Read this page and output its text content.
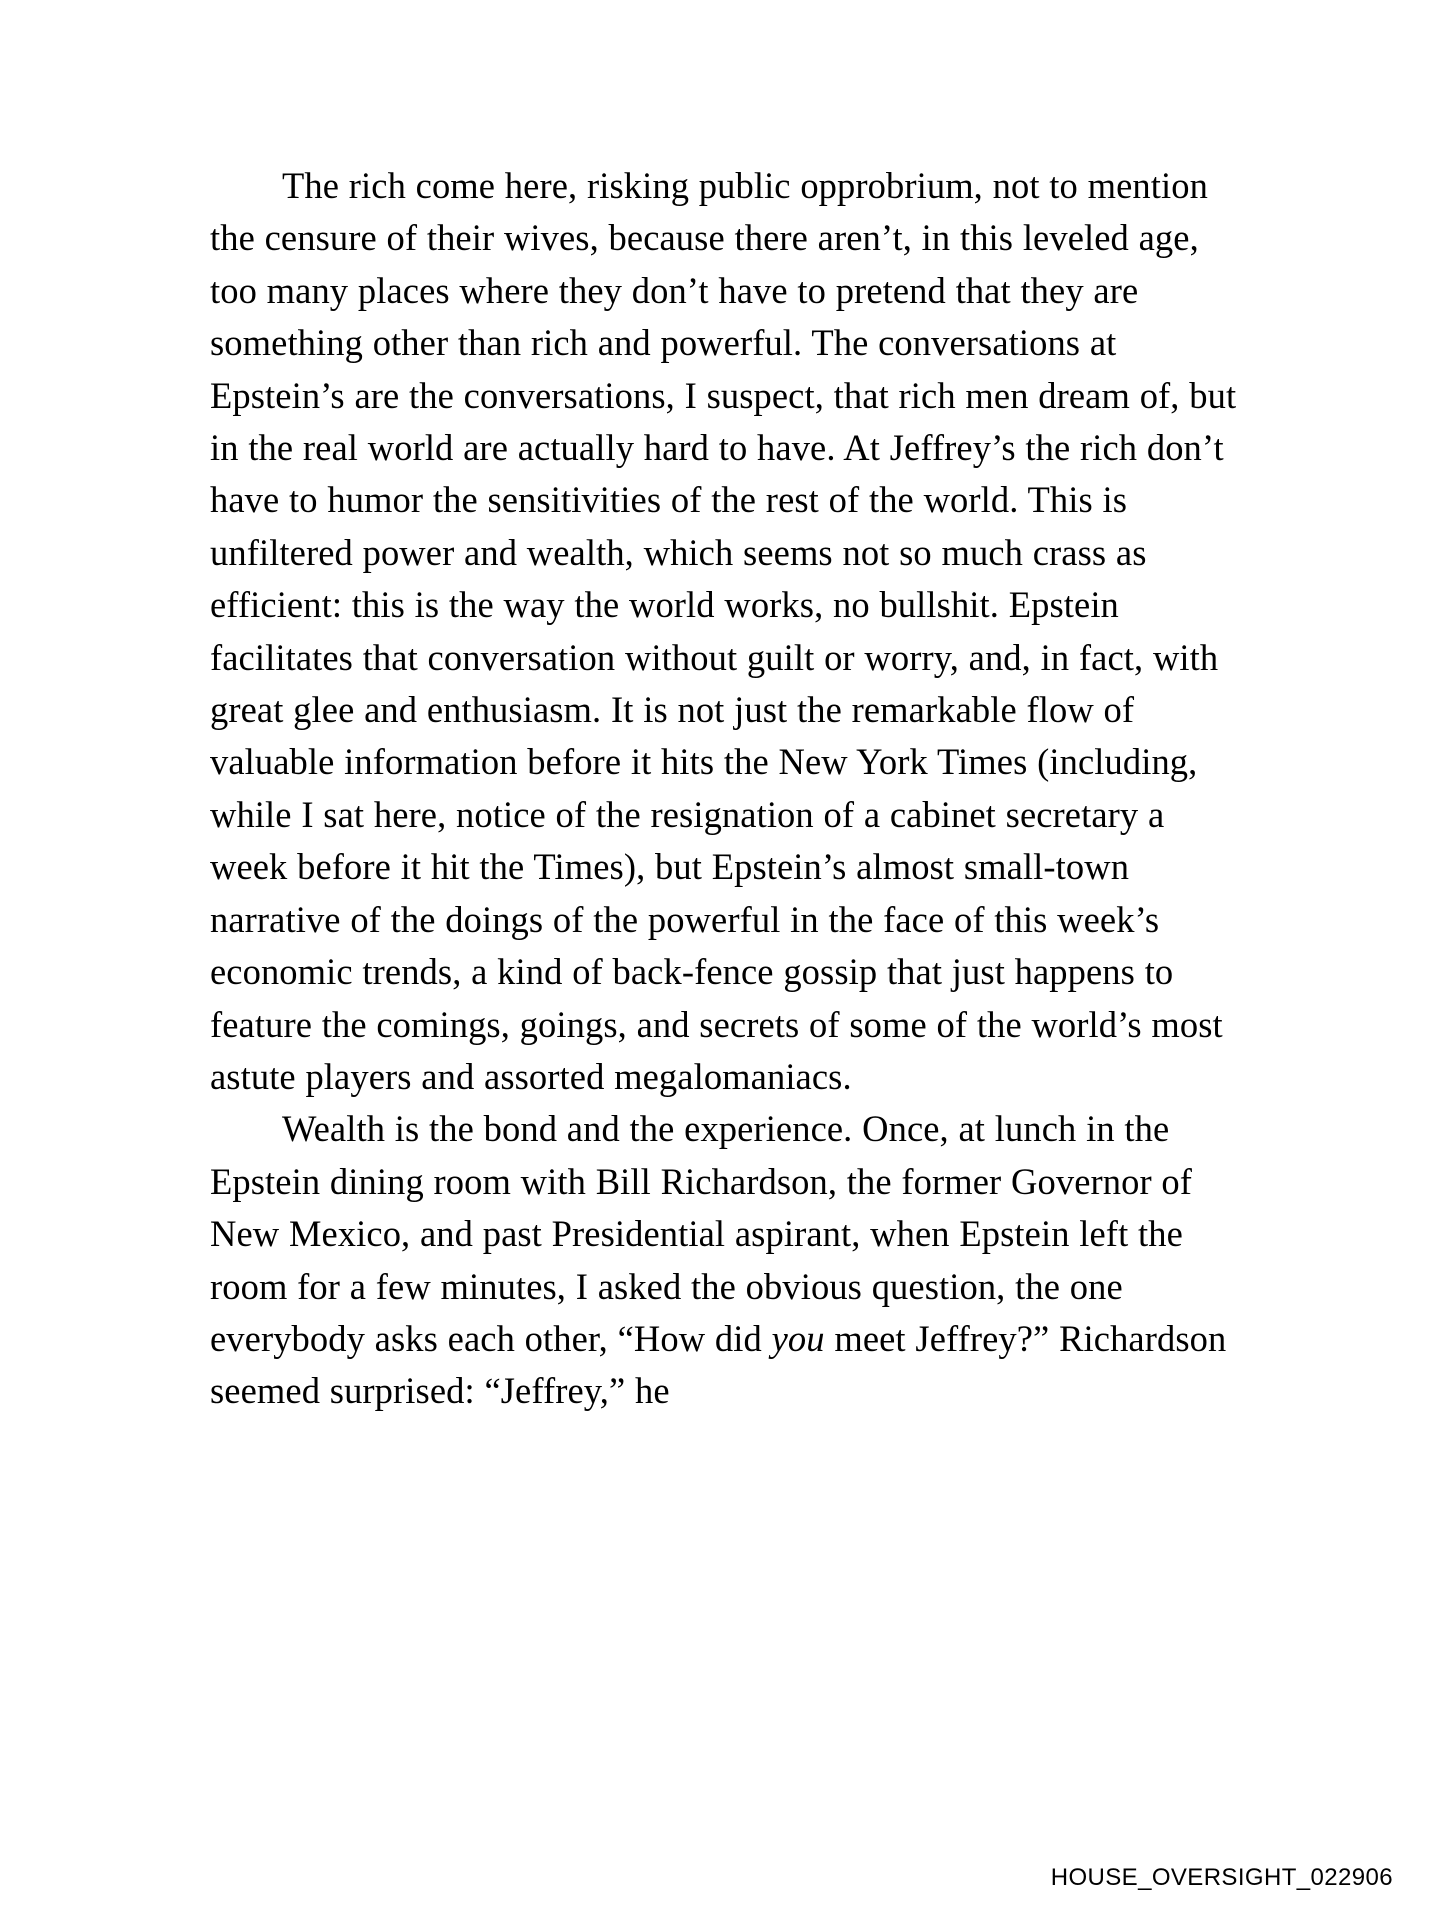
The rich come here, risking public opprobrium, not to mention the censure of their wives, because there aren’t, in this leveled age, too many places where they don’t have to pretend that they are something other than rich and powerful. The conversations at Epstein’s are the conversations, I suspect, that rich men dream of, but in the real world are actually hard to have. At Jeffrey’s the rich don’t have to humor the sensitivities of the rest of the world. This is unfiltered power and wealth, which seems not so much crass as efficient: this is the way the world works, no bullshit. Epstein facilitates that conversation without guilt or worry, and, in fact, with great glee and enthusiasm. It is not just the remarkable flow of valuable information before it hits the New York Times (including, while I sat here, notice of the resignation of a cabinet secretary a week before it hit the Times), but Epstein’s almost small-town narrative of the doings of the powerful in the face of this week’s economic trends, a kind of back-fence gossip that just happens to feature the comings, goings, and secrets of some of the world’s most astute players and assorted megalomaniacs.

Wealth is the bond and the experience. Once, at lunch in the Epstein dining room with Bill Richardson, the former Governor of New Mexico, and past Presidential aspirant, when Epstein left the room for a few minutes, I asked the obvious question, the one everybody asks each other, “How did you meet Jeffrey?” Richardson seemed surprised: “Jeffrey,” he

HOUSE_OVERSIGHT_022906
